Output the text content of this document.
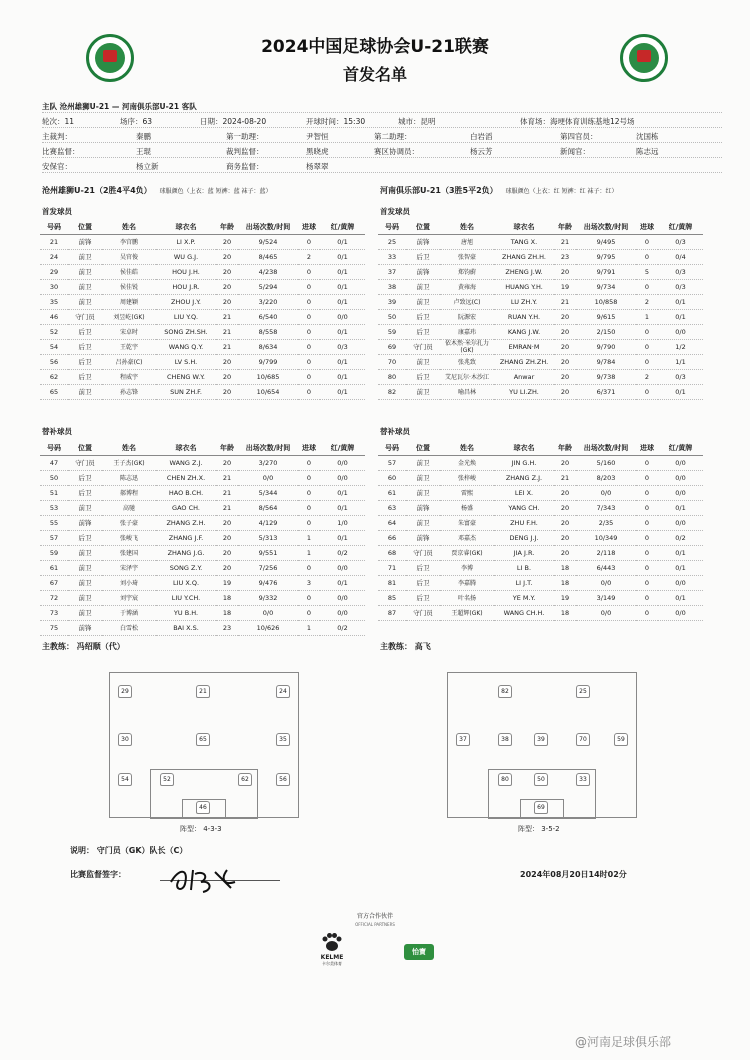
2024中国足球协会U-21联赛
首发名单
主队 沧州雄狮U-21 — 河南俱乐部U-21 客队
轮次：11	场序：63	日期：2024-08-20	开球时间：15:30	城市：昆明	体育场：海埂体育训练基地12号场
主裁判：	秦鹏	第一助理：	尹智恒	第二助理：	白岩滔	第四官员：	沈国栋
比赛监督：	王琨	裁判监督：	黑晓虎	赛区协调员：	杨云芳	新闻官：	陈志远
安保官：	杨立新	商务监督：	杨翠翠
沧州雄狮U-21（2胜4平4负） 球服颜色（上衣：蓝 短裤：蓝 袜子：蓝）	河南俱乐部U-21（3胜5平2负） 球服颜色（上衣：红 短裤：红 袜子：红）
首发球员	首发球员
号码	位置	姓名	球衣名	年龄	出场次数/时间	进球	红/黄牌
21	前锋	李宫鹏	LI X.P.	20	9/524	0	0/1
24	前卫	吴官俊	WU G.J.	20	8/465	2	0/1
29	前卫	侯佳皓	HOU J.H.	20	4/238	0	0/1
30	前卫	侯佳锐	HOU J.R.	20	5/294	0	0/1
35	前卫	周建颖	ZHOU J.Y.	20	3/220	0	0/1
46	守门员	刘昱屹(GK)	LIU Y.Q.	21	6/540	0	0/0
52	后卫	宋卓时	SONG ZH.SH.	21	8/558	0	0/1
54	后卫	王乾宇	WANG Q.Y.	21	8/634	0	0/3
56	后卫	吕孙豪(C)	LV S.H.	20	9/799	0	0/1
62	后卫	程威宇	CHENG W.Y.	20	10/685	0	0/1
65	前卫	孙志锋	SUN ZH.F.	20	10/654	0	0/1
号码	位置	姓名	球衣名	年龄	出场次数/时间	进球	红/黄牌
25	前锋	唐旭	TANG X.	21	9/495	0	0/3
33	后卫	张智豪	ZHANG ZH.H.	23	9/795	0	0/4
37	前锋	郑钧蔚	ZHENG J.W.	20	9/791	5	0/3
38	前卫	黄雍海	HUANG Y.H.	19	9/734	0	0/3
39	前卫	卢致远(C)	LU ZH.Y.	21	10/858	2	0/1
50	后卫	阮源宏	RUAN Y.H.	20	9/615	1	0/1
59	后卫	康嘉玮	KANG J.W.	20	2/150	0	0/0
69	守门员	依木然·米尔扎力(GK)	EMRAN·M	20	9/790	0	1/2
70	前卫	张兆致	ZHANG ZH.ZH.	20	9/784	0	1/1
80	后卫	艾尼瓦尔·木沙江	Anwar	20	9/738	2	0/3
82	前卫	喻昌林	YU LI.ZH.	20	6/371	0	0/1
替补球员	替补球员
号码	位置	姓名	球衣名	年龄	出场次数/时间	进球	红/黄牌
47	守门员	王子杰(GK)	WANG Z.J.	20	3/270	0	0/0
50	后卫	陈志迅	CHEN ZH.X.	21	0/0	0	0/0
51	后卫	郝博程	HAO B.CH.	21	5/344	0	0/1
53	前卫	高驰	GAO CH.	21	8/564	0	0/1
55	前锋	张子豪	ZHANG Z.H.	20	4/129	0	1/0
57	后卫	张峻飞	ZHANG J.F.	20	5/313	1	0/1
59	前卫	张建国	ZHANG J.G.	20	9/551	1	0/2
61	前卫	宋泽宇	SONG Z.Y.	20	7/256	0	0/0
67	前卫	刘小琦	LIU X.Q.	19	9/476	3	0/1
72	前卫	刘宇宸	LIU Y.CH.	18	9/332	0	0/0
73	前卫	于博涵	YU B.H.	18	0/0	0	0/0
75	前锋	白雪松	BAI X.S.	23	10/626	1	0/2
号码	位置	姓名	球衣名	年龄	出场次数/时间	进球	红/黄牌
57	前卫	金光焕	JIN G.H.	20	5/160	0	0/0
60	前卫	张梓峻	ZHANG Z.J.	21	8/203	0	0/0
61	前卫	雷熙	LEI X.	20	0/0	0	0/0
63	前锋	杨盛	YANG CH.	20	7/343	0	0/1
64	前卫	朱富豪	ZHU F.H.	20	2/35	0	0/0
66	前锋	邓嘉杰	DENG J.J.	20	10/349	0	0/2
68	守门员	贾京睿(GK)	JIA J.R.	20	2/118	0	0/1
71	后卫	李博	LI B.	18	6/443	0	0/1
81	后卫	李嘉腾	LI J.T.	18	0/0	0	0/0
85	后卫	叶名扬	YE M.Y.	19	3/149	0	0/1
87	守门员	王超辉(GK)	WANG CH.H.	18	0/0	0	0/0
主教练： 冯绍顺（代）	主教练： 高飞
29	21	24
30	65	35
54	52	62	56
46
82	25
37	38	39	70	59
80	50	33
69
阵型： 4-3-3	阵型： 3-5-2
说明： 守门员（GK）队长（C）
比赛监督签字：	2024年08月20日14时02分
官方合作伙伴
OFFICIAL PARTNERS
KELME
卡尔美体育
怡寶
@河南足球俱乐部
